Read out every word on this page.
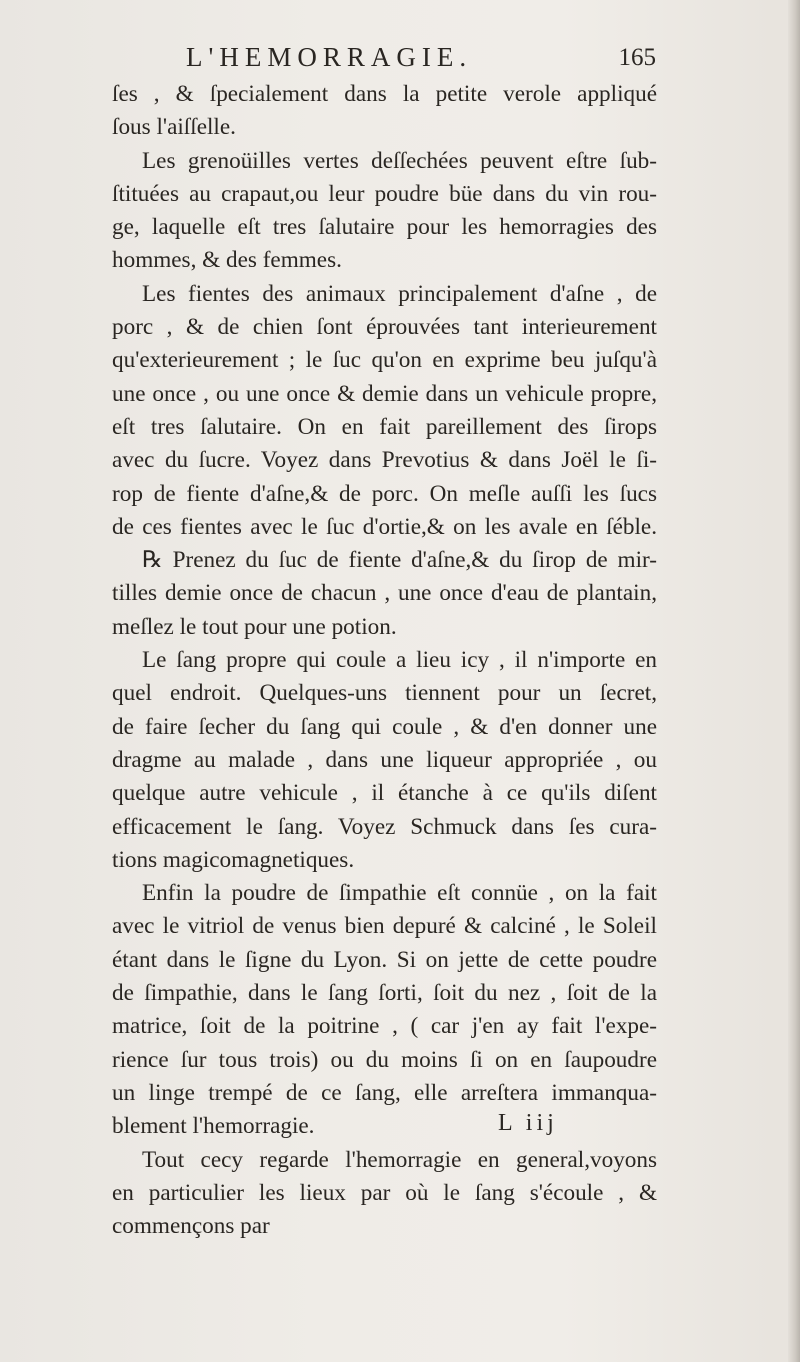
L'HEMORRAGIE.	165
ſes , & ſpecialement dans la petite verole appliqué
ſous l'aiſſelle.
Les grenoüilles vertes deſſechées peuvent eſtre ſub-
ſtituées au crapaut,ou leur poudre büe dans du vin rou-
ge, laquelle eſt tres ſalutaire pour les hemorragies des
hommes, & des femmes.
Les fientes des animaux principalement d'aſne , de
porc , & de chien ſont éprouvées tant interieurement
qu'exterieurement ; le ſuc qu'on en exprime beu juſqu'à
une once , ou une once & demie dans un vehicule propre,
eſt tres ſalutaire. On en fait pareillement des ſirops
avec du ſucre. Voyez dans Prevotius & dans Joël le ſi-
rop de fiente d'aſne,& de porc. On meſle auſſi les ſucs
de ces fientes avec le ſuc d'ortie,& on les avale en ſéble.
℞ Prenez du ſuc de fiente d'aſne,& du ſirop de mir-
tilles demie once de chacun , une once d'eau de plantain,
meſlez le tout pour une potion.
Le ſang propre qui coule a lieu icy , il n'importe en
quel endroit. Quelques-uns tiennent pour un ſecret,
de faire ſecher du ſang qui coule , & d'en donner une
dragme au malade , dans une liqueur appropriée , ou
quelque autre vehicule , il étanche à ce qu'ils diſent
efficacement le ſang. Voyez Schmuck dans ſes cura-
tions magicomagnetiques.
Enfin la poudre de ſimpathie eſt connüe , on la fait
avec le vitriol de venus bien depuré & calciné , le Soleil
étant dans le ſigne du Lyon. Si on jette de cette poudre
de ſimpathie, dans le ſang ſorti, ſoit du nez , ſoit de la
matrice, ſoit de la poitrine , ( car j'en ay fait l'expe-
rience ſur tous trois) ou du moins ſi on en ſaupoudre
un linge trempé de ce ſang, elle arreſtera immanqua-
blement l'hemorragie.
Tout cecy regarde l'hemorragie en general,voyons
en particulier les lieux par où le ſang s'écoule , &
commençons par
L iij
